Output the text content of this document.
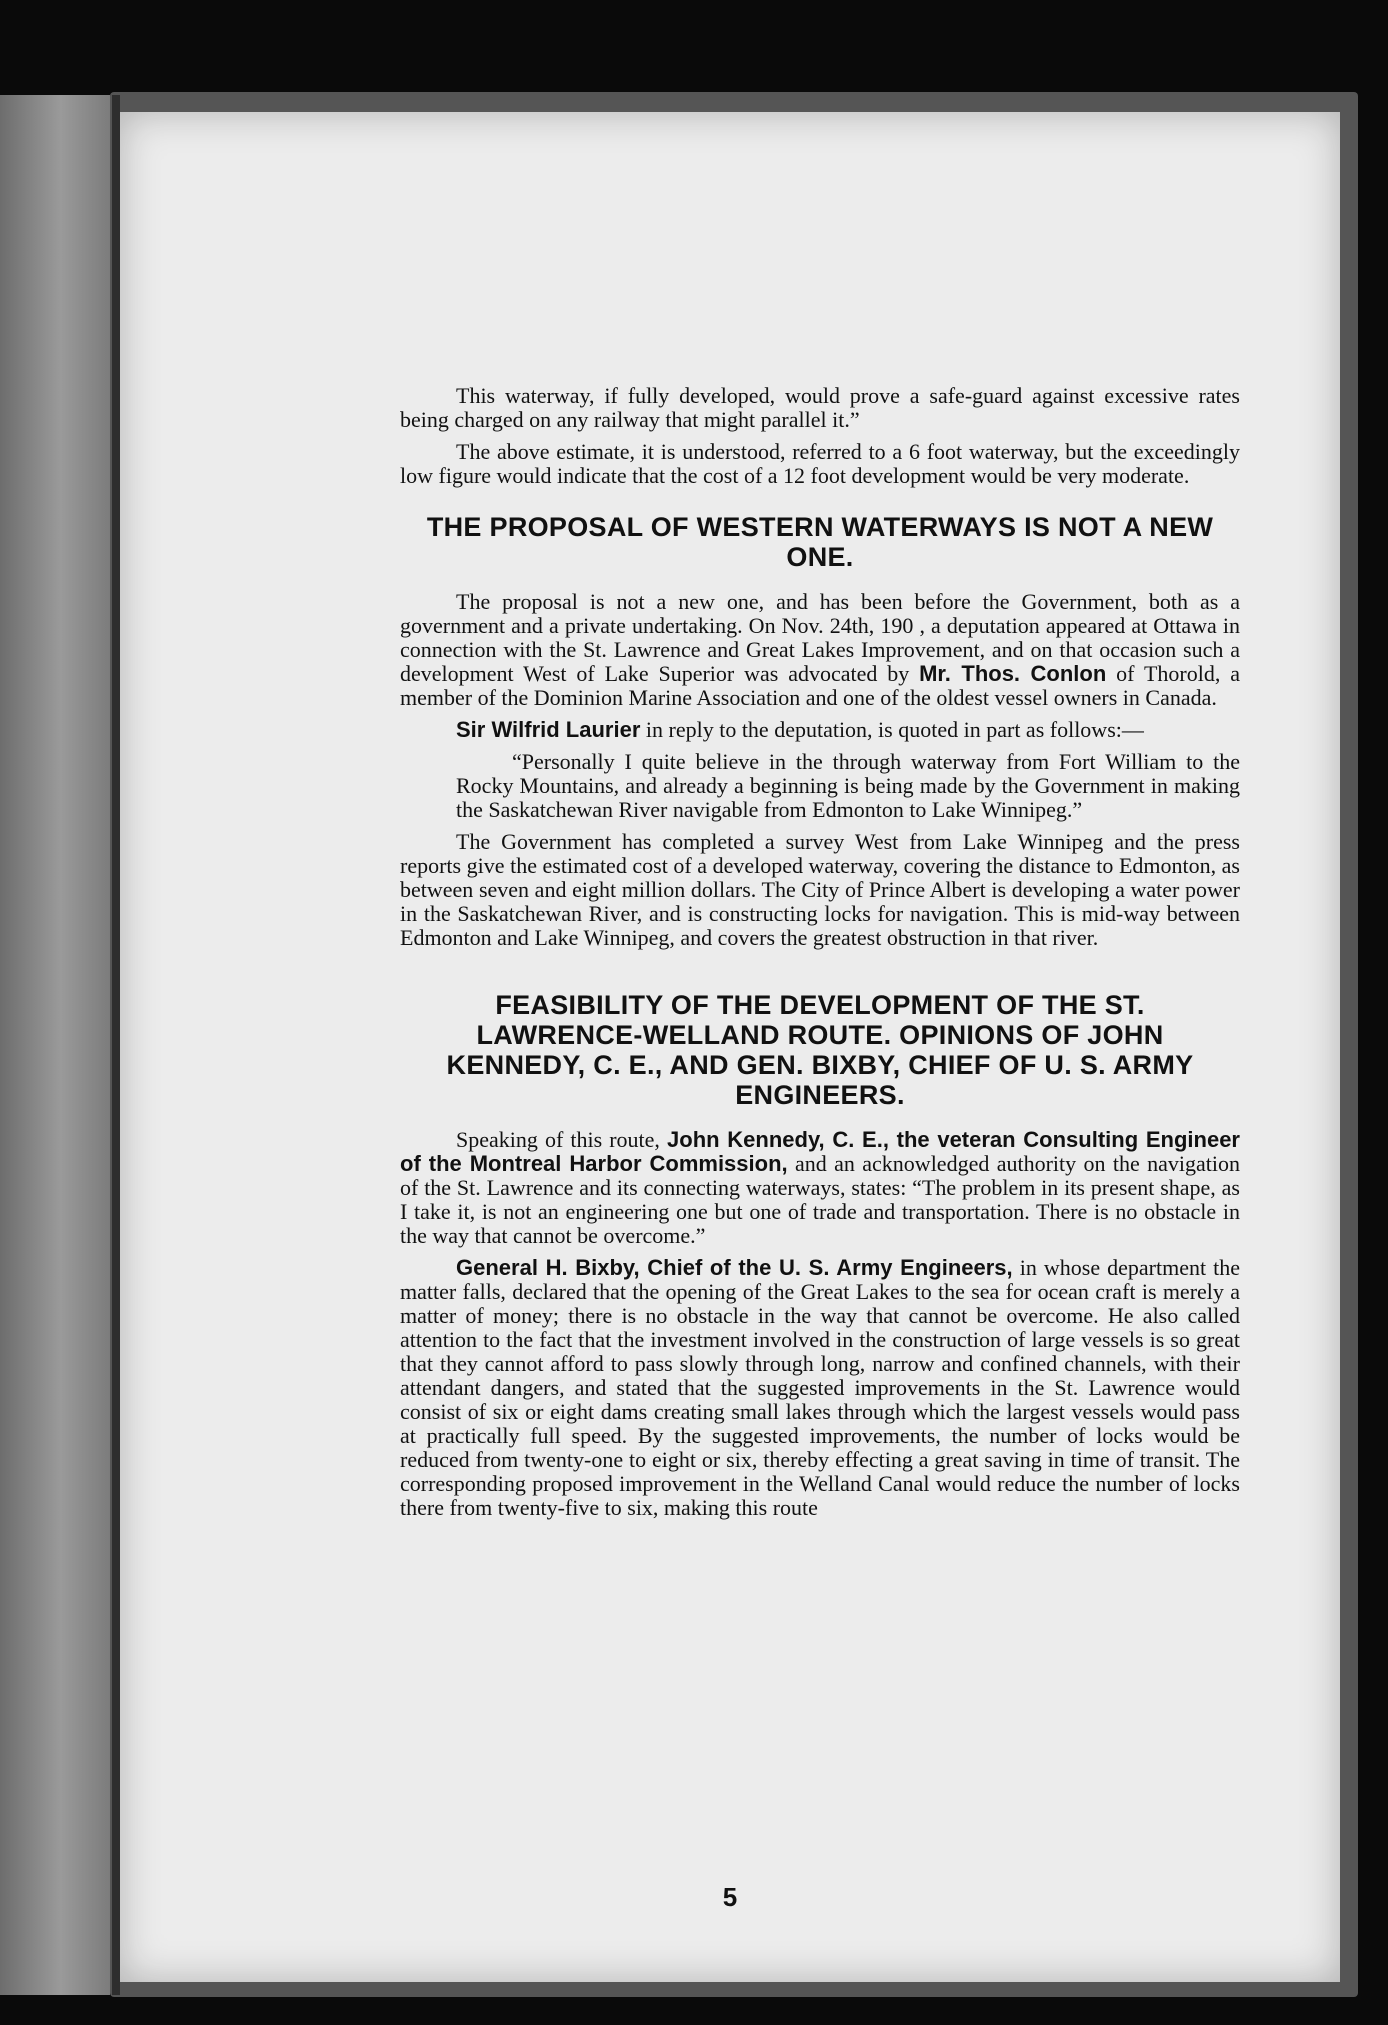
This waterway, if fully developed, would prove a safe-guard against excessive rates being charged on any railway that might parallel it.”

The above estimate, it is understood, referred to a 6 foot waterway, but the exceedingly low figure would indicate that the cost of a 12 foot development would be very moderate.

THE PROPOSAL OF WESTERN WATERWAYS IS NOT A NEW ONE.

The proposal is not a new one, and has been before the Government, both as a government and a private undertaking. On Nov. 24th, 190 , a deputation appeared at Ottawa in connection with the St. Lawrence and Great Lakes Improvement, and on that occasion such a development West of Lake Superior was advocated by Mr. Thos. Conlon of Thorold, a member of the Dominion Marine Association and one of the oldest vessel owners in Canada.

Sir Wilfrid Laurier in reply to the deputation, is quoted in part as follows:—

“Personally I quite believe in the through waterway from Fort William to the Rocky Mountains, and already a beginning is being made by the Government in making the Saskatchewan River navigable from Edmonton to Lake Winnipeg.”

The Government has completed a survey West from Lake Winnipeg and the press reports give the estimated cost of a developed waterway, covering the distance to Edmonton, as between seven and eight million dollars. The City of Prince Albert is developing a water power in the Saskatchewan River, and is constructing locks for navigation. This is mid-way between Edmonton and Lake Winnipeg, and covers the greatest obstruction in that river.

FEASIBILITY OF THE DEVELOPMENT OF THE ST. LAWRENCE-WELLAND ROUTE. OPINIONS OF JOHN KENNEDY, C. E., AND GEN. BIXBY, CHIEF OF U. S. ARMY ENGINEERS.

Speaking of this route, John Kennedy, C. E., the veteran Consulting Engineer of the Montreal Harbor Commission, and an acknowledged authority on the navigation of the St. Lawrence and its connecting waterways, states: “The problem in its present shape, as I take it, is not an engineering one but one of trade and transportation. There is no obstacle in the way that cannot be overcome.”

General H. Bixby, Chief of the U. S. Army Engineers, in whose department the matter falls, declared that the opening of the Great Lakes to the sea for ocean craft is merely a matter of money; there is no obstacle in the way that cannot be overcome. He also called attention to the fact that the investment involved in the construction of large vessels is so great that they cannot afford to pass slowly through long, narrow and confined channels, with their attendant dangers, and stated that the suggested improvements in the St. Lawrence would consist of six or eight dams creating small lakes through which the largest vessels would pass at practically full speed. By the suggested improvements, the number of locks would be reduced from twenty-one to eight or six, thereby effecting a great saving in time of transit. The corresponding proposed improvement in the Welland Canal would reduce the number of locks there from twenty-five to six, making this route

5
